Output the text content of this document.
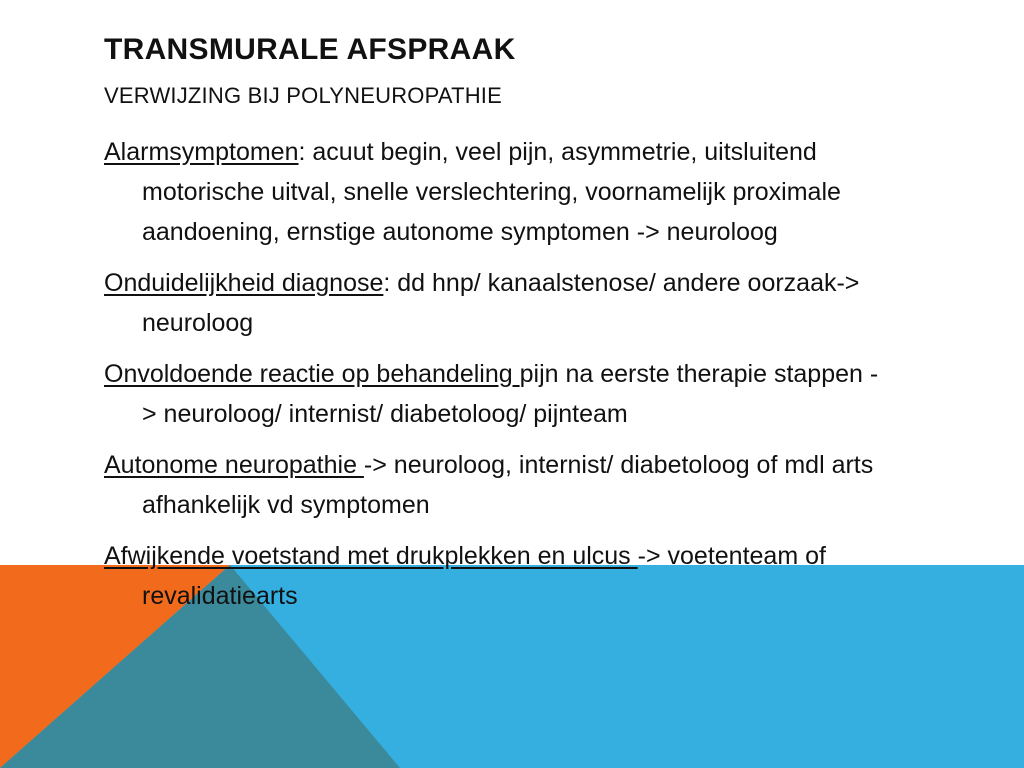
TRANSMURALE AFSPRAAK
VERWIJZING BIJ POLYNEUROPATHIE
Alarmsymptomen: acuut begin, veel pijn, asymmetrie, uitsluitend motorische uitval, snelle verslechtering, voornamelijk proximale aandoening, ernstige autonome symptomen -> neuroloog
Onduidelijkheid diagnose: dd hnp/ kanaalstenose/ andere oorzaak-> neuroloog
Onvoldoende reactie op behandeling pijn na eerste therapie stappen -> neuroloog/ internist/ diabetoloog/ pijnteam
Autonome neuropathie -> neuroloog, internist/ diabetoloog of mdl arts afhankelijk vd symptomen
Afwijkende voetstand met drukplekken en ulcus -> voetenteam of revalidatiearts
